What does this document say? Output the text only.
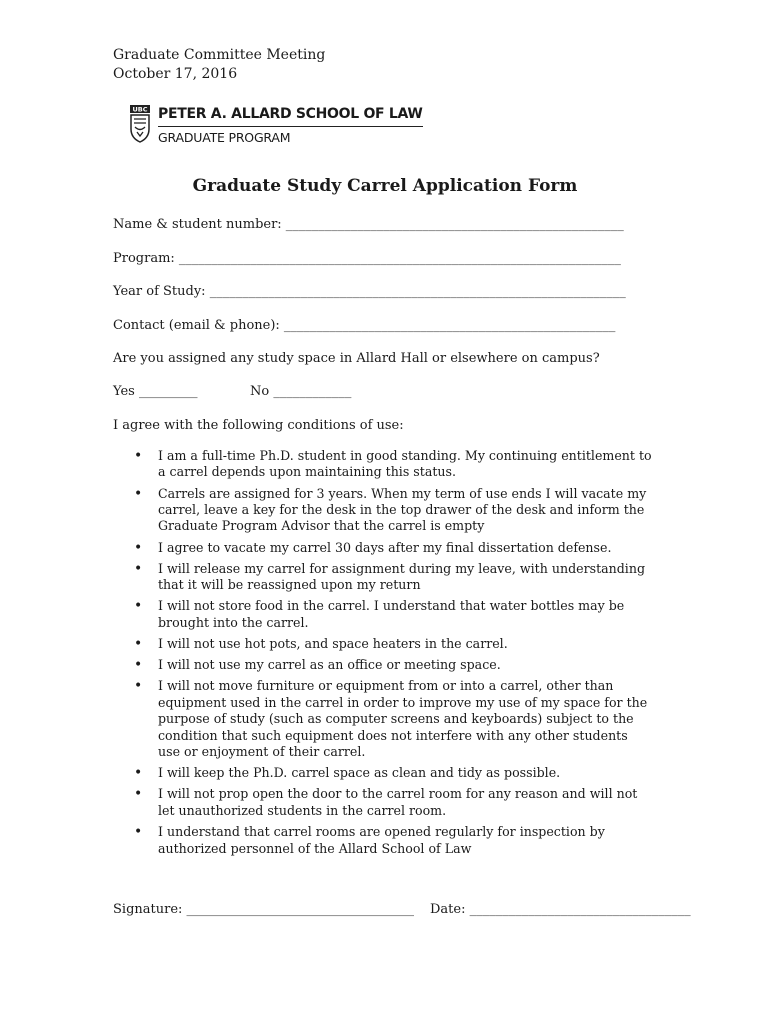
Graduate Committee Meeting
October 17, 2016
UBC PETER A. ALLARD SCHOOL OF LAW
GRADUATE PROGRAM
Graduate Study Carrel Application Form
Name & student number: ____________________________________________________
Program: ____________________________________________________________________
Year of Study: ________________________________________________________________
Contact (email & phone): ___________________________________________________
Are you assigned any study space in Allard Hall or elsewhere on campus?
Yes _________	No ____________
I agree with the following conditions of use:
• I am a full-time Ph.D. student in good standing. My continuing entitlement to a carrel depends upon maintaining this status.
• Carrels are assigned for 3 years. When my term of use ends I will vacate my carrel, leave a key for the desk in the top drawer of the desk and inform the Graduate Program Advisor that the carrel is empty
• I agree to vacate my carrel 30 days after my final dissertation defense.
• I will release my carrel for assignment during my leave, with understanding that it will be reassigned upon my return
• I will not store food in the carrel. I understand that water bottles may be brought into the carrel.
• I will not use hot pots, and space heaters in the carrel.
• I will not use my carrel as an office or meeting space.
• I will not move furniture or equipment from or into a carrel, other than equipment used in the carrel in order to improve my use of my space for the purpose of study (such as computer screens and keyboards) subject to the condition that such equipment does not interfere with any other students use or enjoyment of their carrel.
• I will keep the Ph.D. carrel space as clean and tidy as possible.
• I will not prop open the door to the carrel room for any reason and will not let unauthorized students in the carrel room.
• I understand that carrel rooms are opened regularly for inspection by authorized personnel of the Allard School of Law
Signature: ___________________________________ Date: __________________________________
